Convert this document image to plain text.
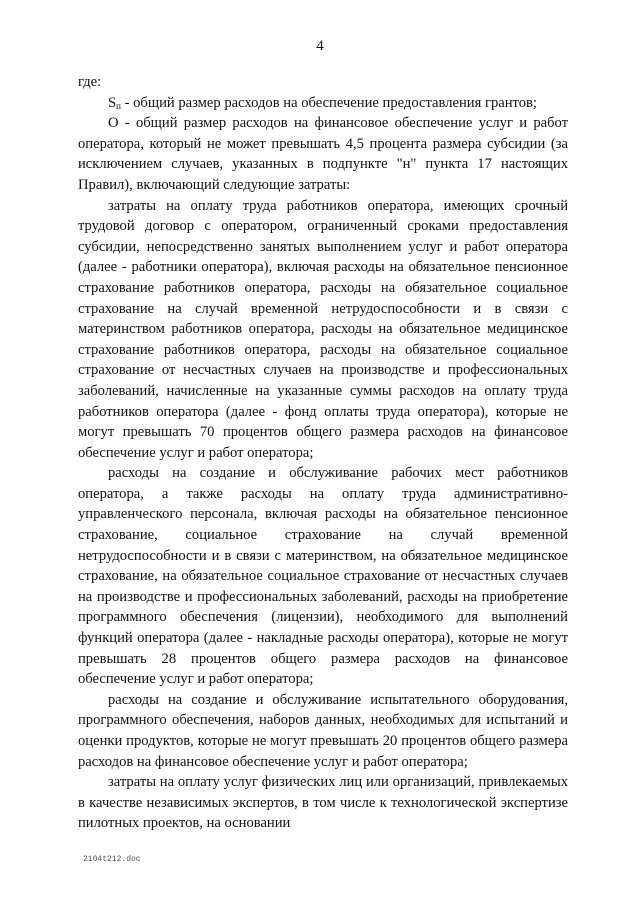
4

где:

$S_п$ - общий размер расходов на обеспечение предоставления грантов;

О - общий размер расходов на финансовое обеспечение услуг и работ оператора, который не может превышать 4,5 процента размера субсидии (за исключением случаев, указанных в подпункте "н" пункта 17 настоящих Правил), включающий следующие затраты:

затраты на оплату труда работников оператора, имеющих срочный трудовой договор с оператором, ограниченный сроками предоставления субсидии, непосредственно занятых выполнением услуг и работ оператора (далее - работники оператора), включая расходы на обязательное пенсионное страхование работников оператора, расходы на обязательное социальное страхование на случай временной нетрудоспособности и в связи с материнством работников оператора, расходы на обязательное медицинское страхование работников оператора, расходы на обязательное социальное страхование от несчастных случаев на производстве и профессиональных заболеваний, начисленные на указанные суммы расходов на оплату труда работников оператора (далее - фонд оплаты труда оператора), которые не могут превышать 70 процентов общего размера расходов на финансовое обеспечение услуг и работ оператора;

расходы на создание и обслуживание рабочих мест работников оператора, а также расходы на оплату труда административно-управленческого персонала, включая расходы на обязательное пенсионное страхование, социальное страхование на случай временной нетрудоспособности и в связи с материнством, на обязательное медицинское страхование, на обязательное социальное страхование от несчастных случаев на производстве и профессиональных заболеваний, расходы на приобретение программного обеспечения (лицензии), необходимого для выполнений функций оператора (далее - накладные расходы оператора), которые не могут превышать 28 процентов общего размера расходов на финансовое обеспечение услуг и работ оператора;

расходы на создание и обслуживание испытательного оборудования, программного обеспечения, наборов данных, необходимых для испытаний и оценки продуктов, которые не могут превышать 20 процентов общего размера расходов на финансовое обеспечение услуг и работ оператора;

затраты на оплату услуг физических лиц или организаций, привлекаемых в качестве независимых экспертов, в том числе к технологической экспертизе пилотных проектов, на основании

2104t212.doc
